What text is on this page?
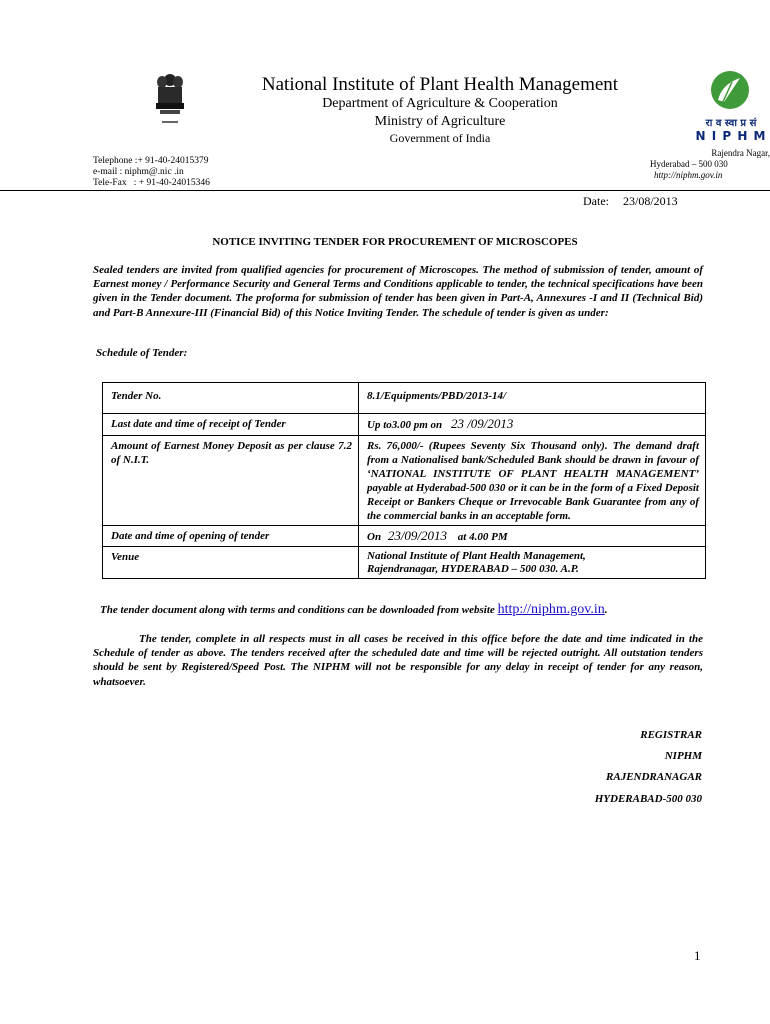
रा व स्वा प्र सं
N I P H M
National Institute of Plant Health Management
Department of Agriculture & Cooperation
Ministry of Agriculture
Government of India
Telephone :+ 91-40-24015379
e-mail : niphm@.nic .in
Tele-Fax   : + 91-40-24015346
Rajendra Nagar,
Hyderabad – 500 030
http://niphm.gov.in
Date: 23/08/2013
NOTICE INVITING TENDER FOR PROCUREMENT OF MICROSCOPES
Sealed tenders are invited from qualified agencies for procurement of Microscopes. The method of submission of tender, amount of Earnest money / Performance Security and General Terms and Conditions applicable to tender, the technical specifications have been given in the Tender document. The proforma for submission of tender has been given in Part-A, Annexures -I and II (Technical Bid) and Part-B Annexure-III (Financial Bid) of this Notice Inviting Tender. The schedule of tender is given as under:
Schedule of Tender:
Tender No.	8.1/Equipments/PBD/2013-14/
Last date and time of receipt of Tender	Up to3.00 pm on 23 /09/2013
Amount of Earnest Money Deposit as per clause 7.2 of N.I.T.	Rs. 76,000/- (Rupees Seventy Six Thousand only). The demand draft from a Nationalised bank/Scheduled Bank should be drawn in favour of ‘NATIONAL INSTITUTE OF PLANT HEALTH MANAGEMENT’ payable at Hyderabad-500 030 or it can be in the form of a Fixed Deposit Receipt or Bankers Cheque or Irrevocable Bank Guarantee from any of the commercial banks in an acceptable form.
Date and time of opening of tender	On 23/09/2013 at 4.00 PM
Venue	National Institute of Plant Health Management,
Rajendranagar, HYDERABAD – 500 030. A.P.
The tender document along with terms and conditions can be downloaded from website http://niphm.gov.in.
The tender, complete in all respects must in all cases be received in this office before the date and time indicated in the Schedule of tender as above. The tenders received after the scheduled date and time will be rejected outright. All outstation tenders should be sent by Registered/Speed Post. The NIPHM will not be responsible for any delay in receipt of tender for any reason, whatsoever.
REGISTRAR
NIPHM
RAJENDRANAGAR
HYDERABAD-500 030
1
